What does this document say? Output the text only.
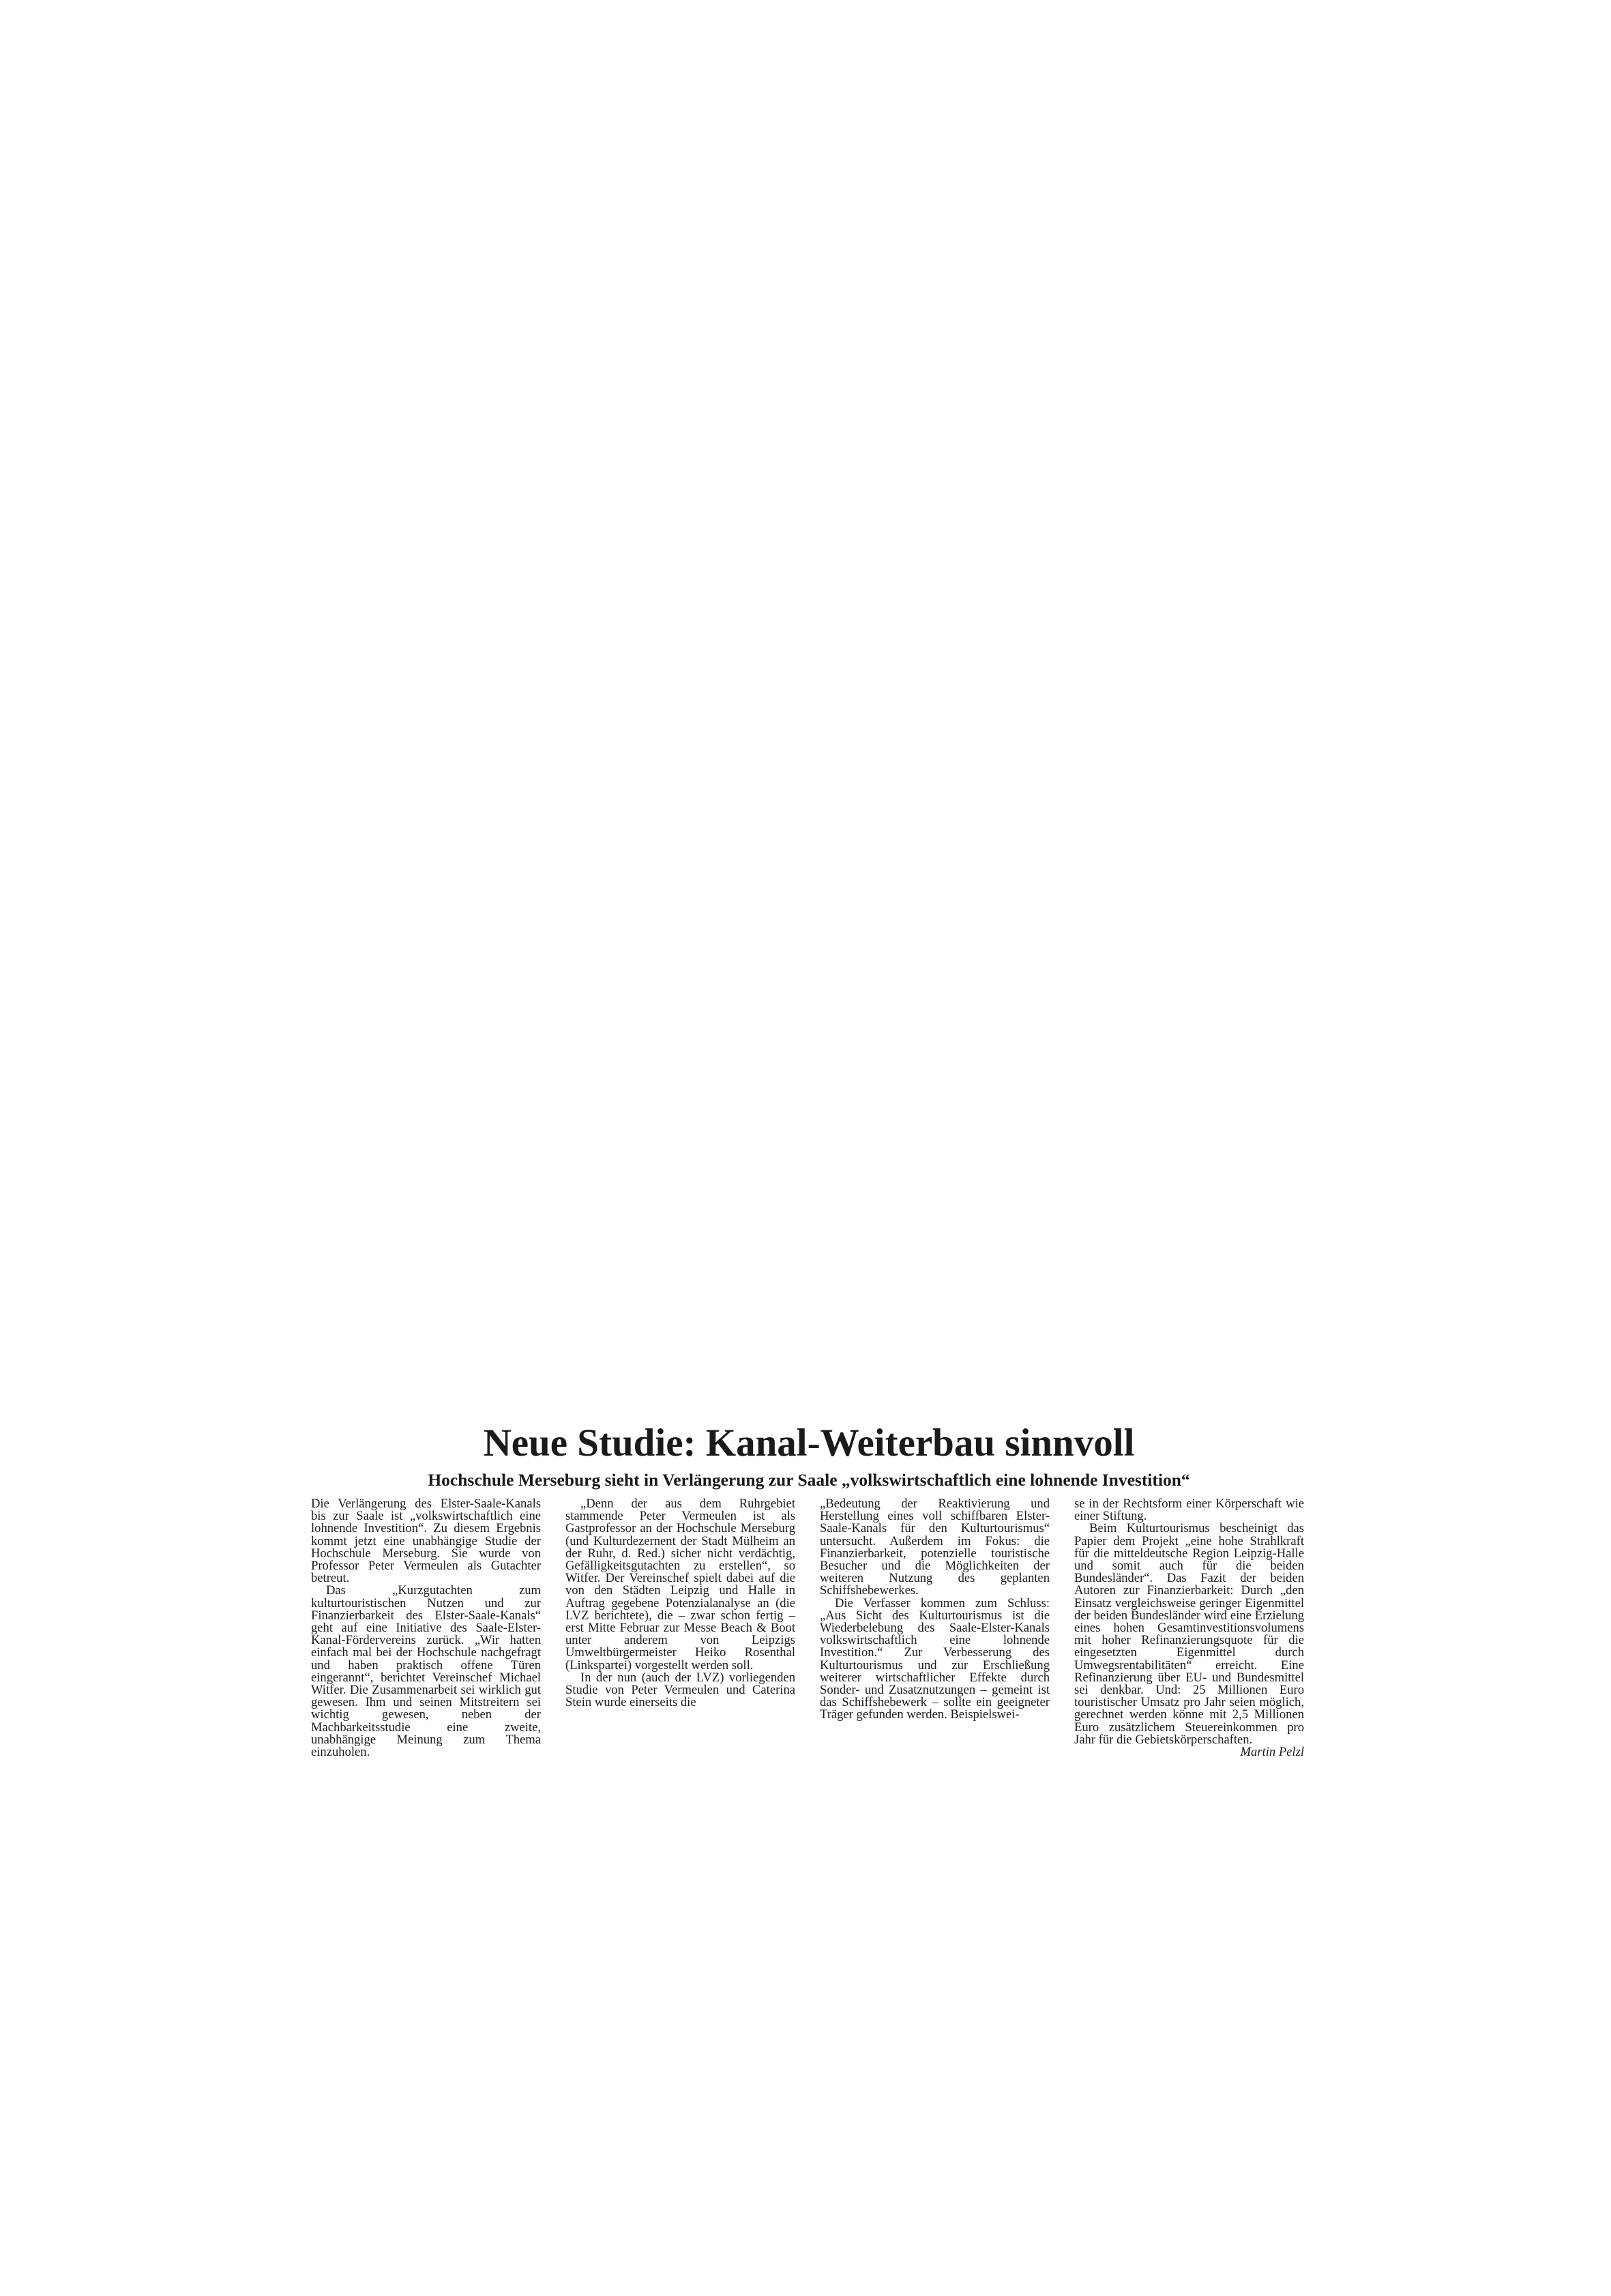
Neue Studie: Kanal-Weiterbau sinnvoll
Hochschule Merseburg sieht in Verlängerung zur Saale „volkswirtschaftlich eine lohnende Investition“

Die Verlängerung des Elster-Saale-Kanals bis zur Saale ist „volkswirtschaftlich eine lohnende Investition“. Zu diesem Ergebnis kommt jetzt eine unabhängige Studie der Hochschule Merseburg. Sie wurde von Professor Peter Vermeulen als Gutachter betreut.

Das „Kurzgutachten zum kulturtouristischen Nutzen und zur Finanzierbarkeit des Elster-Saale-Kanals“ geht auf eine Initiative des Saale-Elster-Kanal-Fördervereins zurück. „Wir hatten einfach mal bei der Hochschule nachgefragt und haben praktisch offene Türen eingerannt“, berichtet Vereinschef Michael Witfer. Die Zusammenarbeit sei wirklich gut gewesen. Ihm und seinen Mitstreitern sei wichtig gewesen, neben der Machbarkeitsstudie eine zweite, unabhängige Meinung zum Thema einzuholen.

„Denn der aus dem Ruhrgebiet stammende Peter Vermeulen ist als Gastprofessor an der Hochschule Merseburg (und Kulturdezernent der Stadt Mülheim an der Ruhr, d. Red.) sicher nicht verdächtig, Gefälligkeitsgutachten zu erstellen“, so Witfer. Der Vereinschef spielt dabei auf die von den Städten Leipzig und Halle in Auftrag gegebene Potenzialanalyse an (die LVZ berichtete), die – zwar schon fertig – erst Mitte Februar zur Messe Beach & Boot unter anderem von Leipzigs Umweltbürgermeister Heiko Rosenthal (Linkspartei) vorgestellt werden soll.

In der nun (auch der LVZ) vorliegenden Studie von Peter Vermeulen und Caterina Stein wurde einerseits die

„Bedeutung der Reaktivierung und Herstellung eines voll schiffbaren Elster-Saale-Kanals für den Kulturtourismus“ untersucht. Außerdem im Fokus: die Finanzierbarkeit, potenzielle touristische Besucher und die Möglichkeiten der weiteren Nutzung des geplanten Schiffshebewerkes.

Die Verfasser kommen zum Schluss: „Aus Sicht des Kulturtourismus ist die Wiederbelebung des Saale-Elster-Kanals volkswirtschaftlich eine lohnende Investition.“ Zur Verbesserung des Kulturtourismus und zur Erschließung weiterer wirtschaftlicher Effekte durch Sonder- und Zusatznutzungen – gemeint ist das Schiffshebewerk – sollte ein geeigneter Träger gefunden werden. Beispielswei-

se in der Rechtsform einer Körperschaft wie einer Stiftung.

Beim Kulturtourismus bescheinigt das Papier dem Projekt „eine hohe Strahlkraft für die mitteldeutsche Region Leipzig-Halle und somit auch für die beiden Bundesländer“. Das Fazit der beiden Autoren zur Finanzierbarkeit: Durch „den Einsatz vergleichsweise geringer Eigenmittel der beiden Bundesländer wird eine Erzielung eines hohen Gesamtinvestitionsvolumens mit hoher Refinanzierungsquote für die eingesetzten Eigenmittel durch Umwegsrentabilitäten“ erreicht. Eine Refinanzierung über EU- und Bundesmittel sei denkbar. Und: 25 Millionen Euro touristischer Umsatz pro Jahr seien möglich, gerechnet werden könne mit 2,5 Millionen Euro zusätzlichem Steuereinkommen pro Jahr für die Gebietskörperschaften.
Martin Pelzl
